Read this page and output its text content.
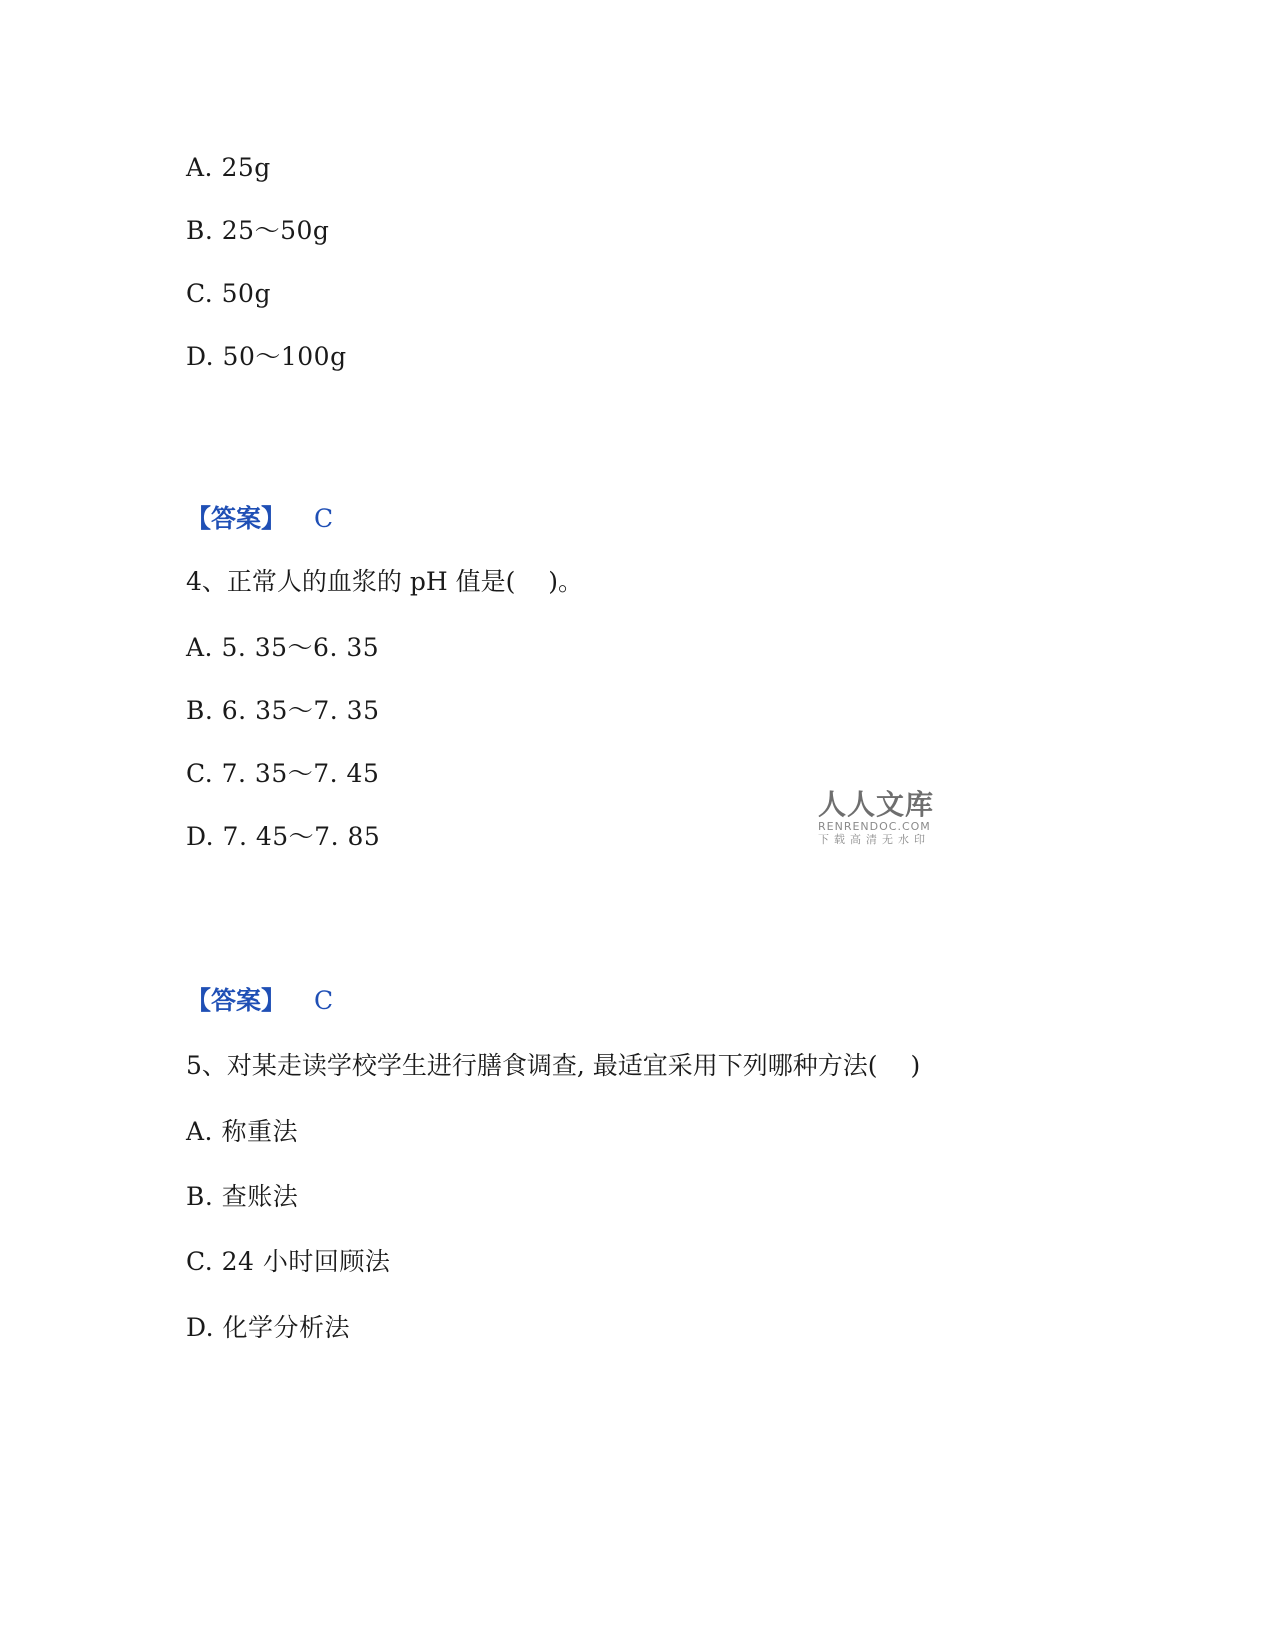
A. 25g
B. 25～50g
C. 50g
D. 50～100g
【答案】 C
4、正常人的血浆的 pH 值是(　 )。
A. 5. 35～6. 35
B. 6. 35～7. 35
C. 7. 35～7. 45
D. 7. 45～7. 85
【答案】 C
5、对某走读学校学生进行膳食调查, 最适宜采用下列哪种方法(　 )
A. 称重法
B. 查账法
C. 24 小时回顾法
D. 化学分析法
人人文库
RENRENDOC.COM
下载高清无水印
